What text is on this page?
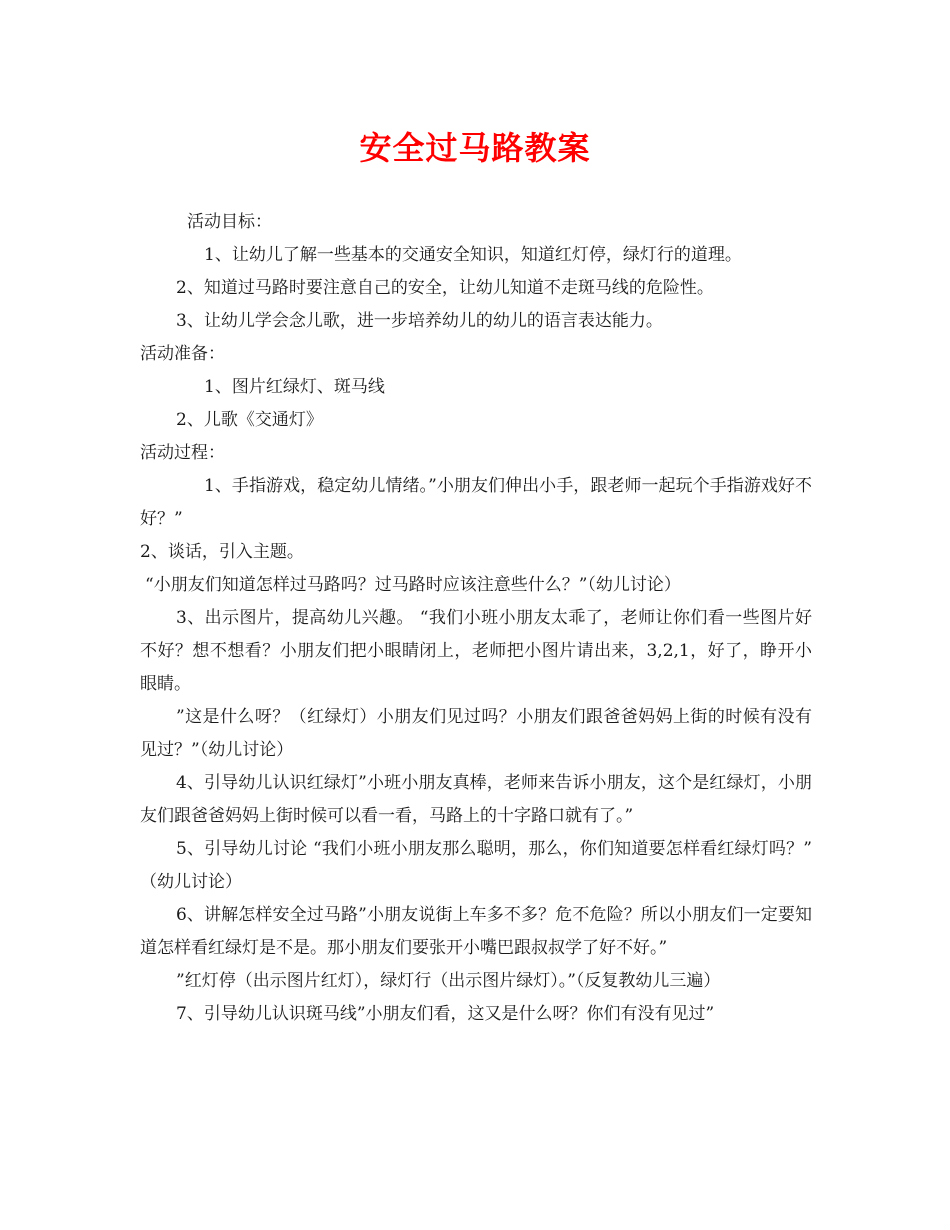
安全过马路教案

活动目标：

1、让幼儿了解一些基本的交通安全知识，知道红灯停，绿灯行的道理。

2、知道过马路时要注意自己的安全，让幼儿知道不走斑马线的危险性。

3、让幼儿学会念儿歌，进一步培养幼儿的幼儿的语言表达能力。

活动准备：

1、图片红绿灯、斑马线

2、儿歌《交通灯》

活动过程：

1、手指游戏，稳定幼儿情绪。”小朋友们伸出小手，跟老师一起玩个手指游戏好不好？”

2、谈话，引入主题。

“小朋友们知道怎样过马路吗？过马路时应该注意些什么？”（幼儿讨论）

3、出示图片，提高幼儿兴趣。 “我们小班小朋友太乖了，老师让你们看一些图片好不好？想不想看？小朋友们把小眼睛闭上，老师把小图片请出来，3,2,1，好了，睁开小眼睛。

”这是什么呀？（红绿灯）小朋友们见过吗？小朋友们跟爸爸妈妈上街的时候有没有见过？”（幼儿讨论）

4、引导幼儿认识红绿灯”小班小朋友真棒，老师来告诉小朋友，这个是红绿灯，小朋友们跟爸爸妈妈上街时候可以看一看，马路上的十字路口就有了。”

5、引导幼儿讨论 “我们小班小朋友那么聪明，那么，你们知道要怎样看红绿灯吗？” （幼儿讨论）

6、讲解怎样安全过马路”小朋友说街上车多不多？危不危险？所以小朋友们一定要知道怎样看红绿灯是不是。那小朋友们要张开小嘴巴跟叔叔学了好不好。”

”红灯停（出示图片红灯），绿灯行（出示图片绿灯）。”（反复教幼儿三遍）

7、引导幼儿认识斑马线”小朋友们看，这又是什么呀？你们有没有见过”
